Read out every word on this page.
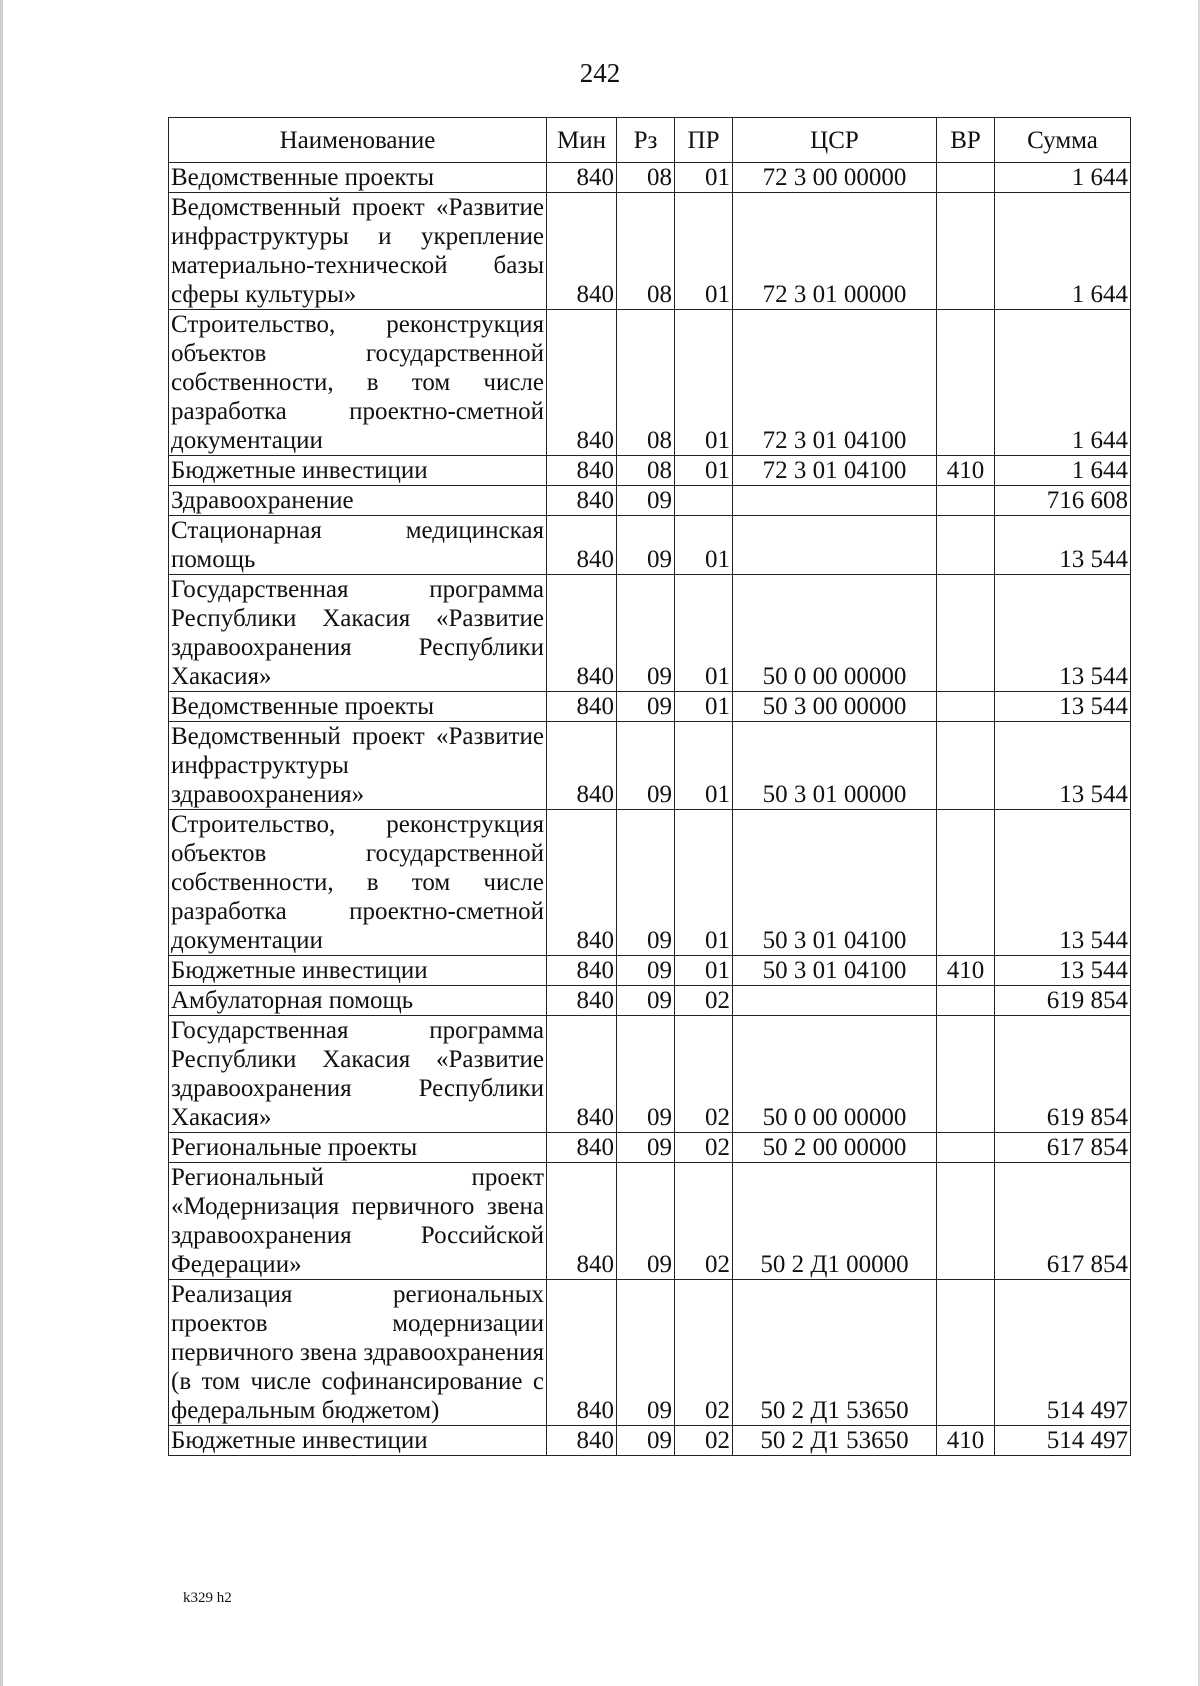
242
Наименование	Мин	Рз	ПР	ЦСР	ВР	Сумма
Ведомственные проекты	840	08	01	72 3 00 00000		1 644
Ведомственный проект «Развитие инфраструктуры и укрепление материально-технической базы сферы культуры»	840	08	01	72 3 01 00000		1 644
Строительство, реконструкция объектов государственной собственности, в том числе разработка проектно-сметной документации	840	08	01	72 3 01 04100		1 644
Бюджетные инвестиции	840	08	01	72 3 01 04100	410	1 644
Здравоохранение	840	09				716 608
Стационарная медицинская помощь	840	09	01			13 544
Государственная программа Республики Хакасия «Развитие здравоохранения Республики Хакасия»	840	09	01	50 0 00 00000		13 544
Ведомственные проекты	840	09	01	50 3 00 00000		13 544
Ведомственный проект «Развитие инфраструктуры здравоохранения»	840	09	01	50 3 01 00000		13 544
Строительство, реконструкция объектов государственной собственности, в том числе разработка проектно-сметной документации	840	09	01	50 3 01 04100		13 544
Бюджетные инвестиции	840	09	01	50 3 01 04100	410	13 544
Амбулаторная помощь	840	09	02			619 854
Государственная программа Республики Хакасия «Развитие здравоохранения Республики Хакасия»	840	09	02	50 0 00 00000		619 854
Региональные проекты	840	09	02	50 2 00 00000		617 854
Региональный проект «Модернизация первичного звена здравоохранения Российской Федерации»	840	09	02	50 2 Д1 00000		617 854
Реализация региональных проектов модернизации первичного звена здравоохранения (в том числе софинансирование с федеральным бюджетом)	840	09	02	50 2 Д1 53650		514 497
Бюджетные инвестиции	840	09	02	50 2 Д1 53650	410	514 497
k329 h2
